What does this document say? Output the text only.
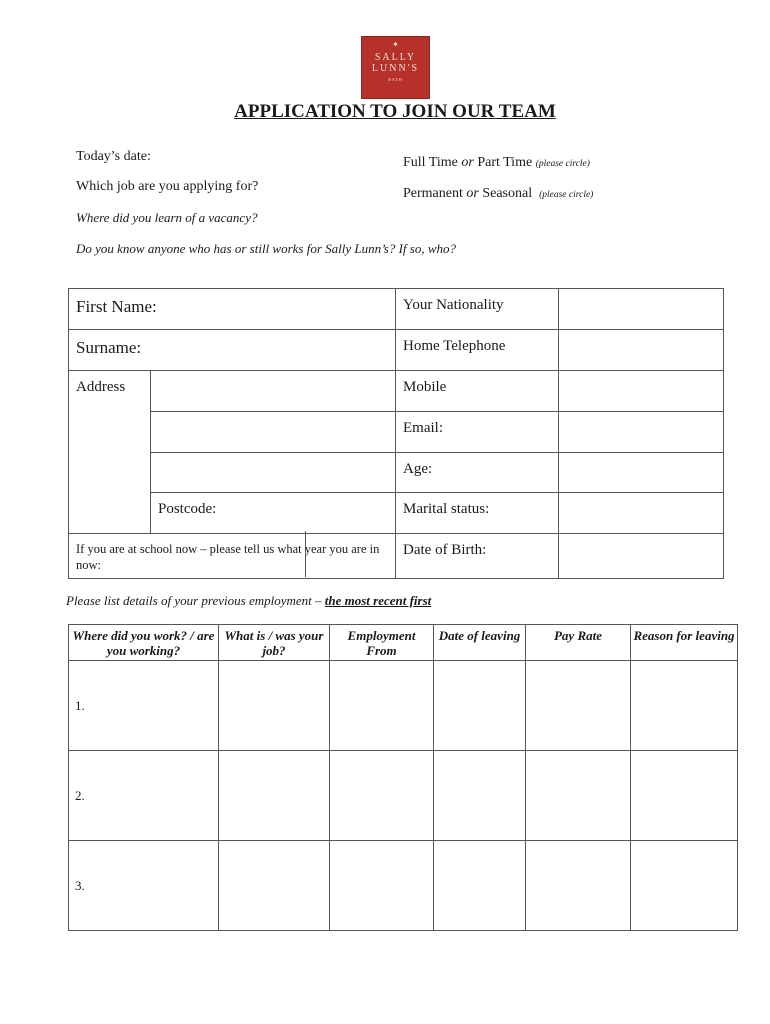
✦
SALLY
LUNN'S
BATH
APPLICATION TO JOIN OUR TEAM
Today’s date:
Which job are you applying for?
Where did you learn of a vacancy?
Do you know anyone who has or still works for Sally Lunn’s? If so, who?
Full Time or Part Time (please circle)
Permanent or Seasonal (please circle)
First Name:		Your Nationality	
Surname:		Home Telephone	
Address		Mobile	
		Email:	
		Age:	
	Postcode:	Marital status:	
If you are at school now – please tell us what year you are in now:		Date of Birth:	
Please list details of your previous employment – the most recent first
Where did you work? / are you working?	What is / was your job?	Employment From	Date of leaving	Pay Rate	Reason for leaving
1.					
2.					
3.					
